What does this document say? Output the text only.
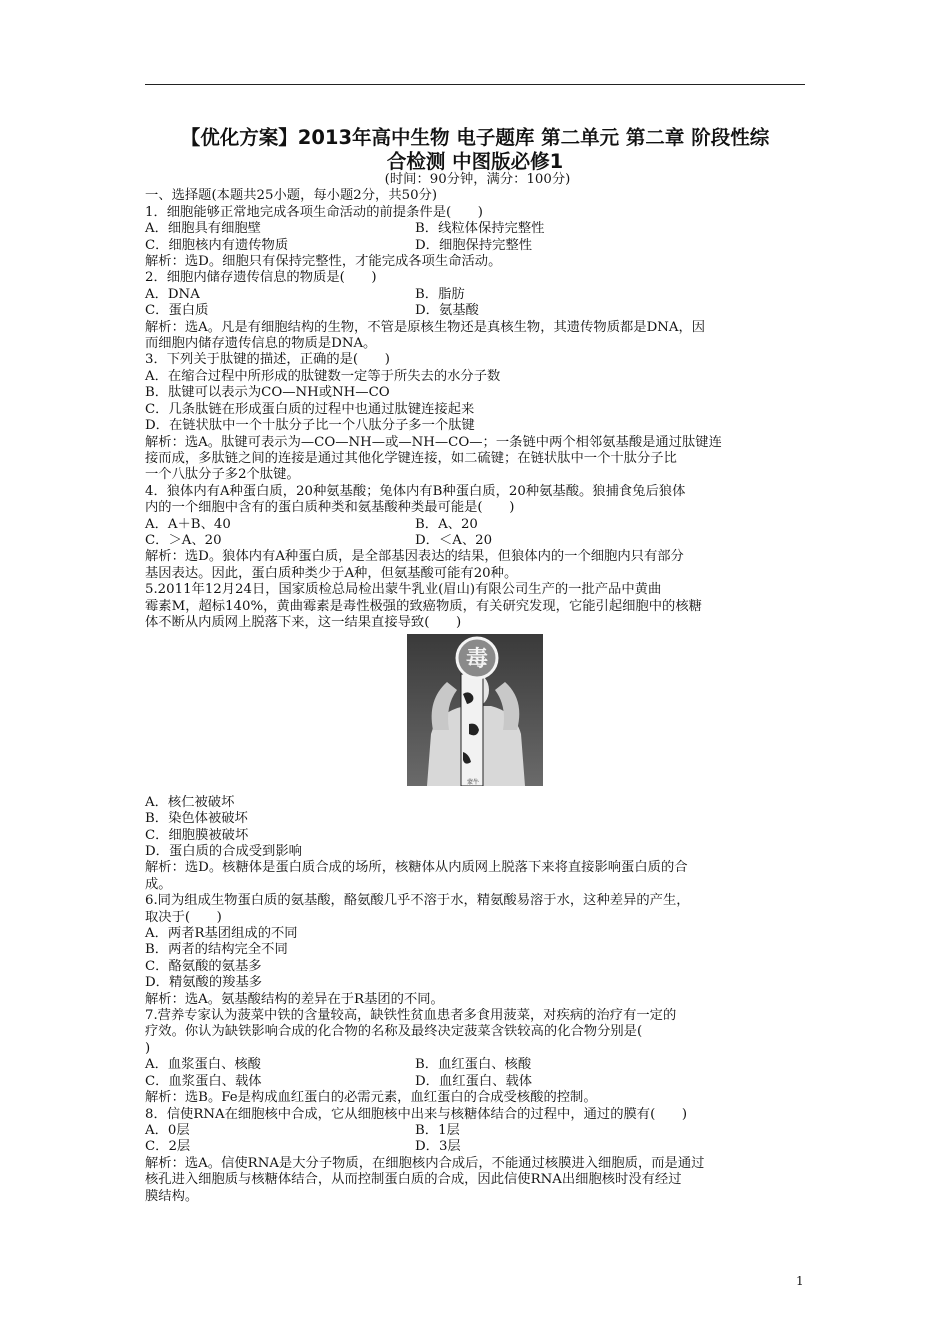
【优化方案】2013年高中生物 电子题库 第二单元 第二章 阶段性综
合检测 中图版必修1
(时间：90分钟，满分：100分)
一、选择题(本题共25小题，每小题2分，共50分)
1．细胞能够正常地完成各项生命活动的前提条件是(　　)
A．细胞具有细胞壁	B．线粒体保持完整性
C．细胞核内有遗传物质	D．细胞保持完整性
解析：选D。细胞只有保持完整性，才能完成各项生命活动。
2．细胞内储存遗传信息的物质是(　　)
A．DNA	B．脂肪
C．蛋白质	D．氨基酸
解析：选A。凡是有细胞结构的生物，不管是原核生物还是真核生物，其遗传物质都是DNA，因
而细胞内储存遗传信息的物质是DNA。
3．下列关于肽键的描述，正确的是(　　)
A．在缩合过程中所形成的肽键数一定等于所失去的水分子数
B．肽键可以表示为CO—NH或NH—CO
C．几条肽链在形成蛋白质的过程中也通过肽键连接起来
D．在链状肽中一个十肽分子比一个八肽分子多一个肽键
解析：选A。肽键可表示为—CO—NH—或—NH—CO—；一条链中两个相邻氨基酸是通过肽键连
接而成，多肽链之间的连接是通过其他化学键连接，如二硫键；在链状肽中一个十肽分子比
一个八肽分子多2个肽键。
4．狼体内有A种蛋白质，20种氨基酸；兔体内有B种蛋白质，20种氨基酸。狼捕食兔后狼体
内的一个细胞中含有的蛋白质种类和氨基酸种类最可能是(　　)
A．A＋B、40	B．A、20
C．＞A、20	D．＜A、20
解析：选D。狼体内有A种蛋白质，是全部基因表达的结果，但狼体内的一个细胞内只有部分
基因表达。因此，蛋白质种类少于A种，但氨基酸可能有20种。
5.2011年12月24日，国家质检总局检出蒙牛乳业(眉山)有限公司生产的一批产品中黄曲
霉素M，超标140%，黄曲霉素是毒性极强的致癌物质，有关研究发现，它能引起细胞中的核糖
体不断从内质网上脱落下来，这一结果直接导致(　　)
毒
蒙牛
A．核仁被破坏
B．染色体被破坏
C．细胞膜被破坏
D．蛋白质的合成受到影响
解析：选D。核糖体是蛋白质合成的场所，核糖体从内质网上脱落下来将直接影响蛋白质的合
成。
6.同为组成生物蛋白质的氨基酸，酪氨酸几乎不溶于水，精氨酸易溶于水，这种差异的产生，
取决于(　　)
A．两者R基团组成的不同
B．两者的结构完全不同
C．酪氨酸的氨基多
D．精氨酸的羧基多
解析：选A。氨基酸结构的差异在于R基团的不同。
7.营养专家认为菠菜中铁的含量较高，缺铁性贫血患者多食用菠菜，对疾病的治疗有一定的
疗效。你认为缺铁影响合成的化合物的名称及最终决定菠菜含铁较高的化合物分别是(
)
A．血浆蛋白、核酸	B．血红蛋白、核酸
C．血浆蛋白、载体	D．血红蛋白、载体
解析：选B。Fe是构成血红蛋白的必需元素，血红蛋白的合成受核酸的控制。
8．信使RNA在细胞核中合成，它从细胞核中出来与核糖体结合的过程中，通过的膜有(　　)
A．0层	B．1层
C．2层	D．3层
解析：选A。信使RNA是大分子物质，在细胞核内合成后，不能通过核膜进入细胞质，而是通过
核孔进入细胞质与核糖体结合，从而控制蛋白质的合成，因此信使RNA出细胞核时没有经过
膜结构。
1
